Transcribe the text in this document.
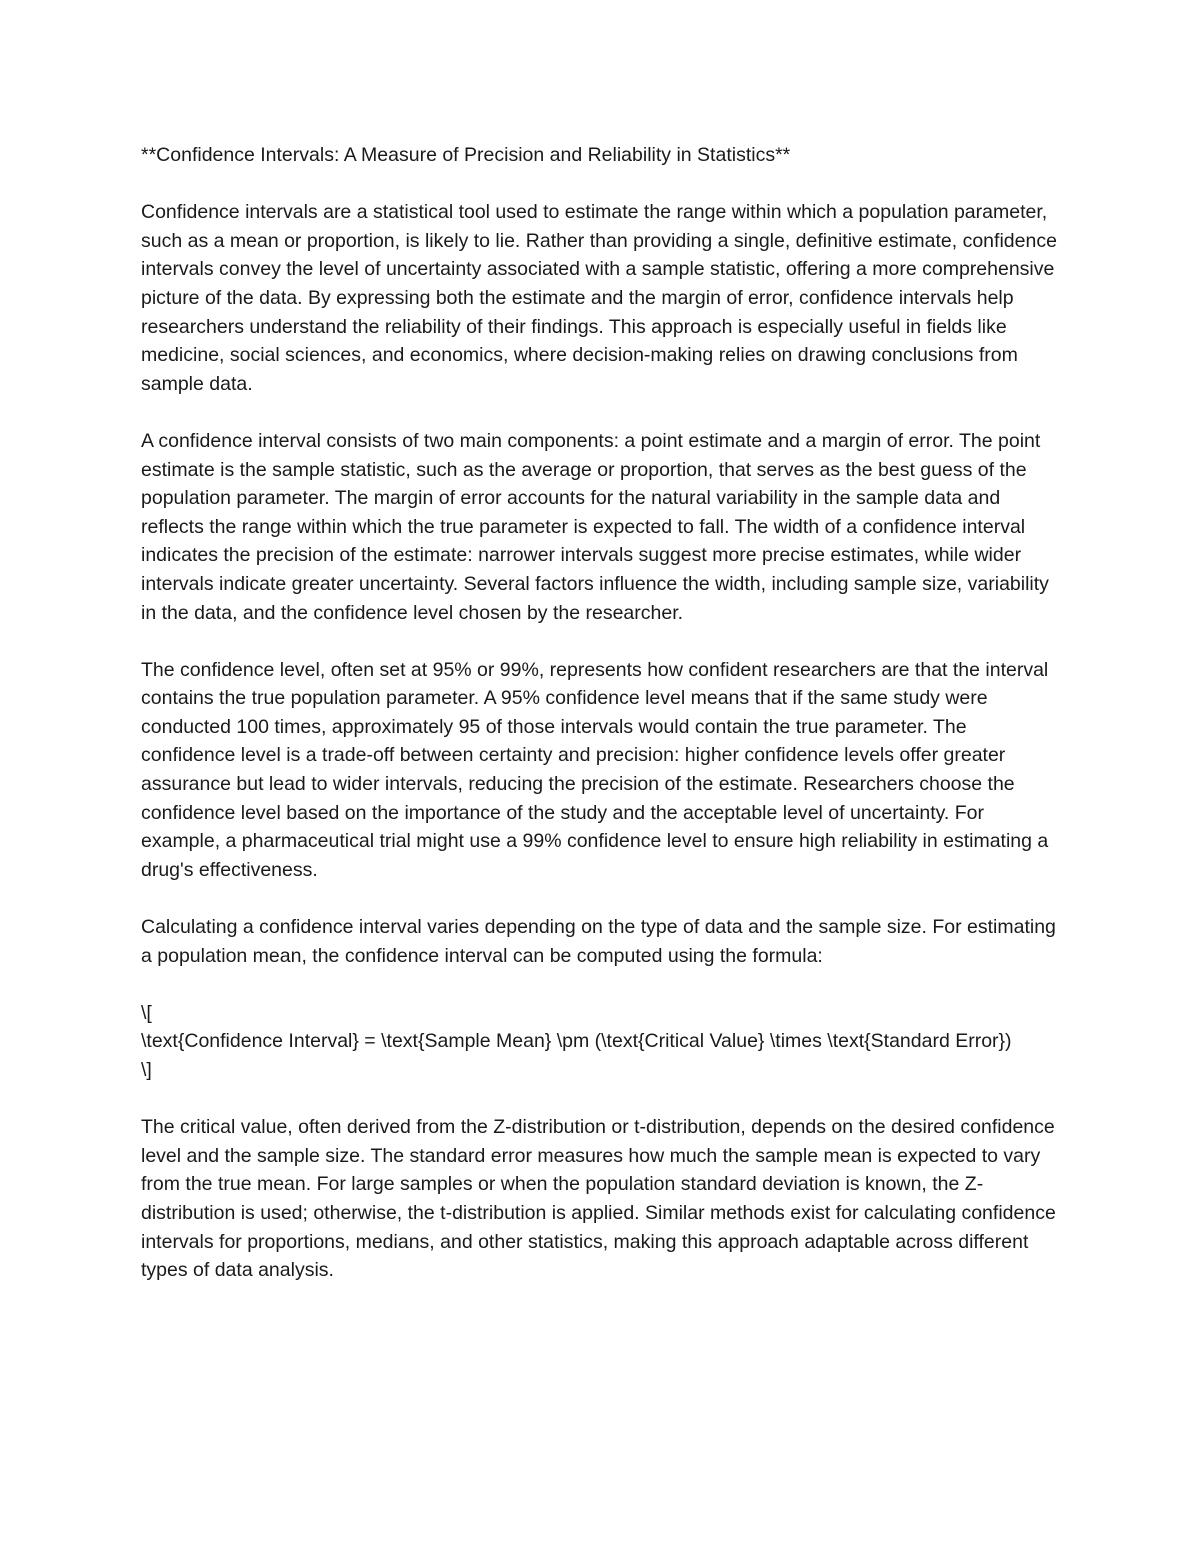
**Confidence Intervals: A Measure of Precision and Reliability in Statistics**

Confidence intervals are a statistical tool used to estimate the range within which a population parameter, such as a mean or proportion, is likely to lie. Rather than providing a single, definitive estimate, confidence intervals convey the level of uncertainty associated with a sample statistic, offering a more comprehensive picture of the data. By expressing both the estimate and the margin of error, confidence intervals help researchers understand the reliability of their findings. This approach is especially useful in fields like medicine, social sciences, and economics, where decision-making relies on drawing conclusions from sample data.

A confidence interval consists of two main components: a point estimate and a margin of error. The point estimate is the sample statistic, such as the average or proportion, that serves as the best guess of the population parameter. The margin of error accounts for the natural variability in the sample data and reflects the range within which the true parameter is expected to fall. The width of a confidence interval indicates the precision of the estimate: narrower intervals suggest more precise estimates, while wider intervals indicate greater uncertainty. Several factors influence the width, including sample size, variability in the data, and the confidence level chosen by the researcher.

The confidence level, often set at 95% or 99%, represents how confident researchers are that the interval contains the true population parameter. A 95% confidence level means that if the same study were conducted 100 times, approximately 95 of those intervals would contain the true parameter. The confidence level is a trade-off between certainty and precision: higher confidence levels offer greater assurance but lead to wider intervals, reducing the precision of the estimate. Researchers choose the confidence level based on the importance of the study and the acceptable level of uncertainty. For example, a pharmaceutical trial might use a 99% confidence level to ensure high reliability in estimating a drug's effectiveness.

Calculating a confidence interval varies depending on the type of data and the sample size. For estimating a population mean, the confidence interval can be computed using the formula:

\[
\text{Confidence Interval} = \text{Sample Mean} \pm (\text{Critical Value} \times \text{Standard Error})
\]

The critical value, often derived from the Z-distribution or t-distribution, depends on the desired confidence level and the sample size. The standard error measures how much the sample mean is expected to vary from the true mean. For large samples or when the population standard deviation is known, the Z-distribution is used; otherwise, the t-distribution is applied. Similar methods exist for calculating confidence intervals for proportions, medians, and other statistics, making this approach adaptable across different types of data analysis.
